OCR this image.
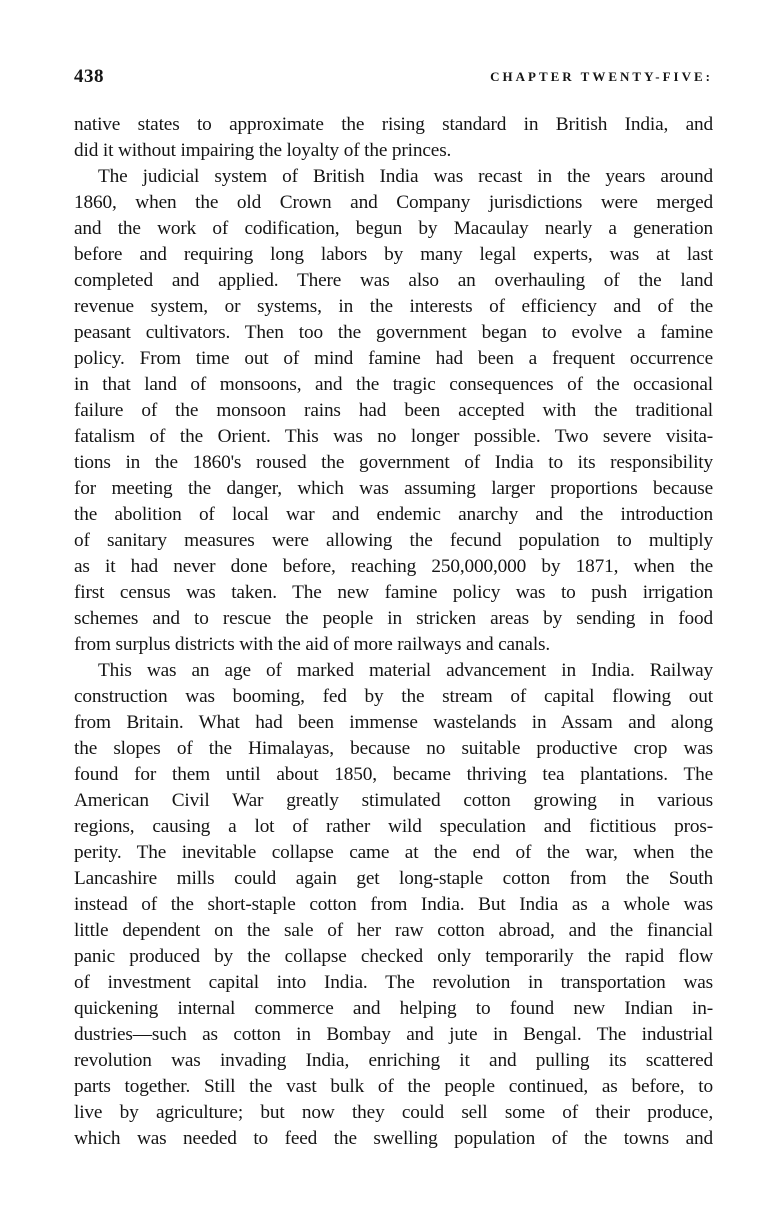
438	CHAPTER TWENTY-FIVE:
native states to approximate the rising standard in British India, and
did it without impairing the loyalty of the princes.
The judicial system of British India was recast in the years around
1860, when the old Crown and Company jurisdictions were merged
and the work of codification, begun by Macaulay nearly a generation
before and requiring long labors by many legal experts, was at last
completed and applied. There was also an overhauling of the land
revenue system, or systems, in the interests of efficiency and of the
peasant cultivators. Then too the government began to evolve a famine
policy. From time out of mind famine had been a frequent occurrence
in that land of monsoons, and the tragic consequences of the occasional
failure of the monsoon rains had been accepted with the traditional
fatalism of the Orient. This was no longer possible. Two severe visita-
tions in the 1860's roused the government of India to its responsibility
for meeting the danger, which was assuming larger proportions because
the abolition of local war and endemic anarchy and the introduction
of sanitary measures were allowing the fecund population to multiply
as it had never done before, reaching 250,000,000 by 1871, when the
first census was taken. The new famine policy was to push irrigation
schemes and to rescue the people in stricken areas by sending in food
from surplus districts with the aid of more railways and canals.
This was an age of marked material advancement in India. Railway
construction was booming, fed by the stream of capital flowing out
from Britain. What had been immense wastelands in Assam and along
the slopes of the Himalayas, because no suitable productive crop was
found for them until about 1850, became thriving tea plantations. The
American Civil War greatly stimulated cotton growing in various
regions, causing a lot of rather wild speculation and fictitious pros-
perity. The inevitable collapse came at the end of the war, when the
Lancashire mills could again get long-staple cotton from the South
instead of the short-staple cotton from India. But India as a whole was
little dependent on the sale of her raw cotton abroad, and the financial
panic produced by the collapse checked only temporarily the rapid flow
of investment capital into India. The revolution in transportation was
quickening internal commerce and helping to found new Indian in-
dustries—such as cotton in Bombay and jute in Bengal. The industrial
revolution was invading India, enriching it and pulling its scattered
parts together. Still the vast bulk of the people continued, as before, to
live by agriculture; but now they could sell some of their produce,
which was needed to feed the swelling population of the towns and
